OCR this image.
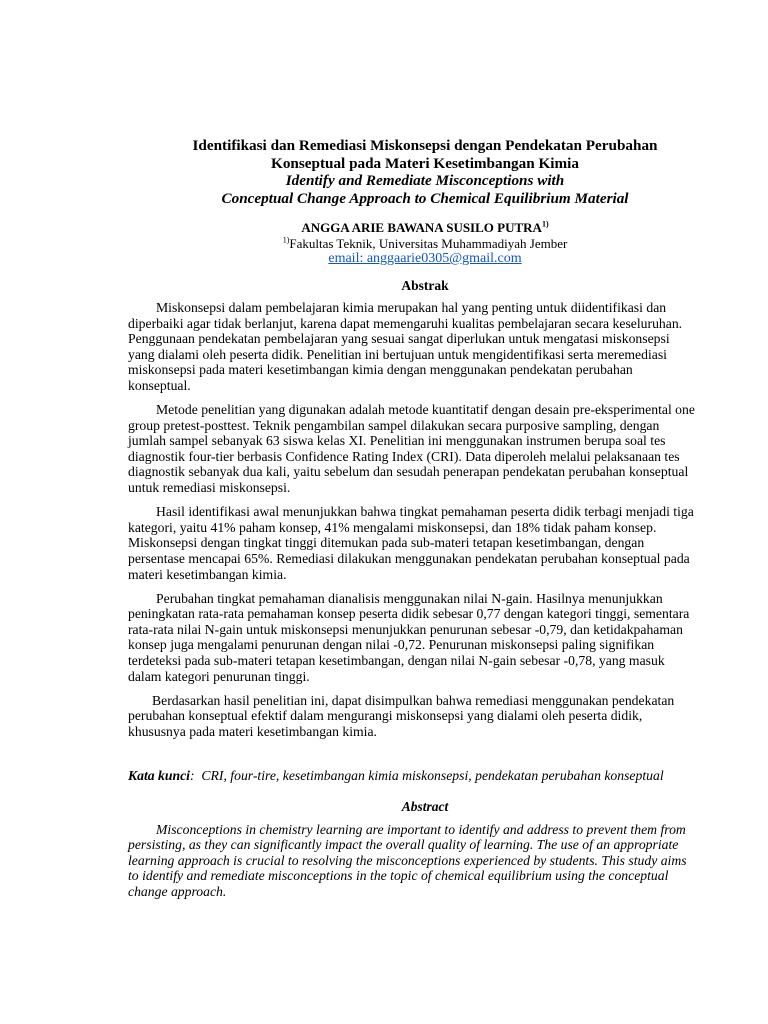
Identifikasi dan Remediasi Miskonsepsi dengan Pendekatan Perubahan
Konseptual pada Materi Kesetimbangan Kimia
Identify and Remediate Misconceptions with
Conceptual Change Approach to Chemical Equilibrium Material
ANGGA ARIE BAWANA SUSILO PUTRA$^{1)}$
$^{1)}$Fakultas Teknik, Universitas Muhammadiyah Jember
email: anggaarie0305@gmail.com
Abstrak

Miskonsepsi dalam pembelajaran kimia merupakan hal yang penting untuk diidentifikasi dan diperbaiki agar tidak berlanjut, karena dapat memengaruhi kualitas pembelajaran secara keseluruhan. Penggunaan pendekatan pembelajaran yang sesuai sangat diperlukan untuk mengatasi miskonsepsi yang dialami oleh peserta didik. Penelitian ini bertujuan untuk mengidentifikasi serta meremediasi miskonsepsi pada materi kesetimbangan kimia dengan menggunakan pendekatan perubahan konseptual.

Metode penelitian yang digunakan adalah metode kuantitatif dengan desain pre-eksperimental one group pretest-posttest. Teknik pengambilan sampel dilakukan secara purposive sampling, dengan jumlah sampel sebanyak 63 siswa kelas XI. Penelitian ini menggunakan instrumen berupa soal tes diagnostik four-tier berbasis Confidence Rating Index (CRI). Data diperoleh melalui pelaksanaan tes diagnostik sebanyak dua kali, yaitu sebelum dan sesudah penerapan pendekatan perubahan konseptual untuk remediasi miskonsepsi.

Hasil identifikasi awal menunjukkan bahwa tingkat pemahaman peserta didik terbagi menjadi tiga kategori, yaitu 41% paham konsep, 41% mengalami miskonsepsi, dan 18% tidak paham konsep. Miskonsepsi dengan tingkat tinggi ditemukan pada sub-materi tetapan kesetimbangan, dengan persentase mencapai 65%. Remediasi dilakukan menggunakan pendekatan perubahan konseptual pada materi kesetimbangan kimia.

Perubahan tingkat pemahaman dianalisis menggunakan nilai N-gain. Hasilnya menunjukkan peningkatan rata-rata pemahaman konsep peserta didik sebesar 0,77 dengan kategori tinggi, sementara rata-rata nilai N-gain untuk miskonsepsi menunjukkan penurunan sebesar -0,79, dan ketidakpahaman konsep juga mengalami penurunan dengan nilai -0,72. Penurunan miskonsepsi paling signifikan terdeteksi pada sub-materi tetapan kesetimbangan, dengan nilai N-gain sebesar -0,78, yang masuk dalam kategori penurunan tinggi.

Berdasarkan hasil penelitian ini, dapat disimpulkan bahwa remediasi menggunakan pendekatan perubahan konseptual efektif dalam mengurangi miskonsepsi yang dialami oleh peserta didik, khususnya pada materi kesetimbangan kimia.

Kata kunci: CRI, four-tire, kesetimbangan kimia miskonsepsi, pendekatan perubahan konseptual
Abstract

Misconceptions in chemistry learning are important to identify and address to prevent them from persisting, as they can significantly impact the overall quality of learning. The use of an appropriate learning approach is crucial to resolving the misconceptions experienced by students. This study aims to identify and remediate misconceptions in the topic of chemical equilibrium using the conceptual change approach.
